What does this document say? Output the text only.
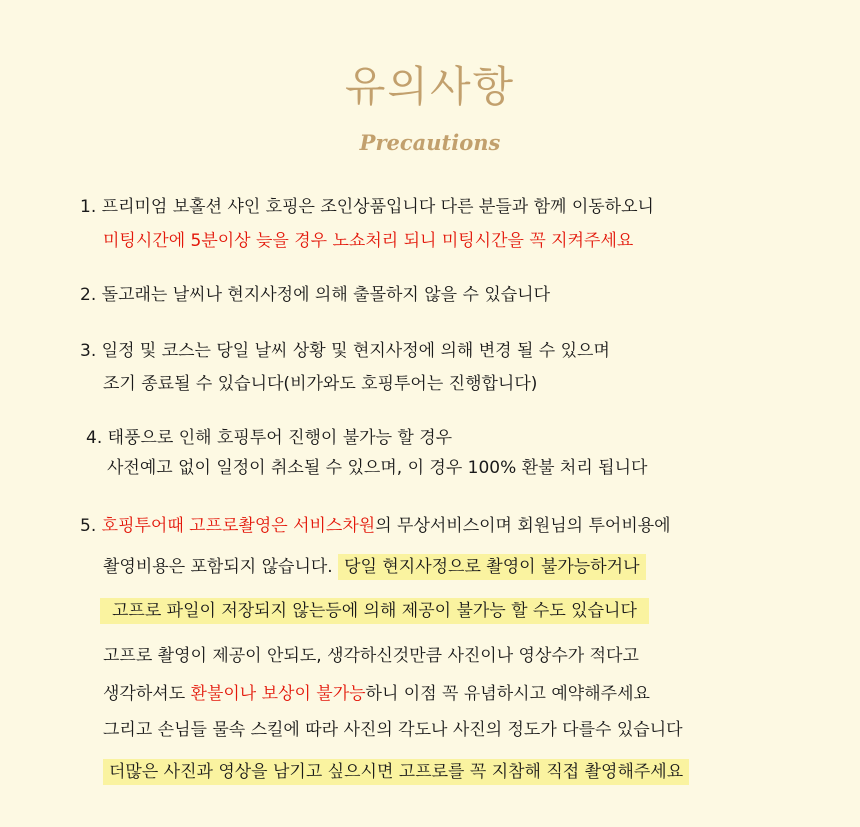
유의사항
Precautions
1. 프리미엄 보홀션 샤인 호핑은 조인상품입니다 다른 분들과 함께 이동하오니
미팅시간에 5분이상 늦을 경우 노쇼처리 되니 미팅시간을 꼭 지켜주세요
2. 돌고래는 날씨나 현지사정에 의해 출몰하지 않을 수 있습니다
3. 일정 및 코스는 당일 날씨 상황 및 현지사정에 의해 변경 될 수 있으며
조기 종료될 수 있습니다(비가와도 호핑투어는 진행합니다)
4. 태풍으로 인해 호핑투어 진행이 불가능 할 경우
사전예고 없이 일정이 취소될 수 있으며, 이 경우 100% 환불 처리 됩니다
5. 호핑투어때 고프로촬영은 서비스차원의 무상서비스이며 회원님의 투어비용에
촬영비용은 포함되지 않습니다. 당일 현지사정으로 촬영이 불가능하거나
고프로 파일이 저장되지 않는등에 의해 제공이 불가능 할 수도 있습니다
고프로 촬영이 제공이 안되도, 생각하신것만큼 사진이나 영상수가 적다고
생각하셔도 환불이나 보상이 불가능하니 이점 꼭 유념하시고 예약해주세요
그리고 손님들 물속 스킬에 따라 사진의 각도나 사진의 정도가 다를수 있습니다
더많은 사진과 영상을 남기고 싶으시면 고프로를 꼭 지참해 직접 촬영해주세요
